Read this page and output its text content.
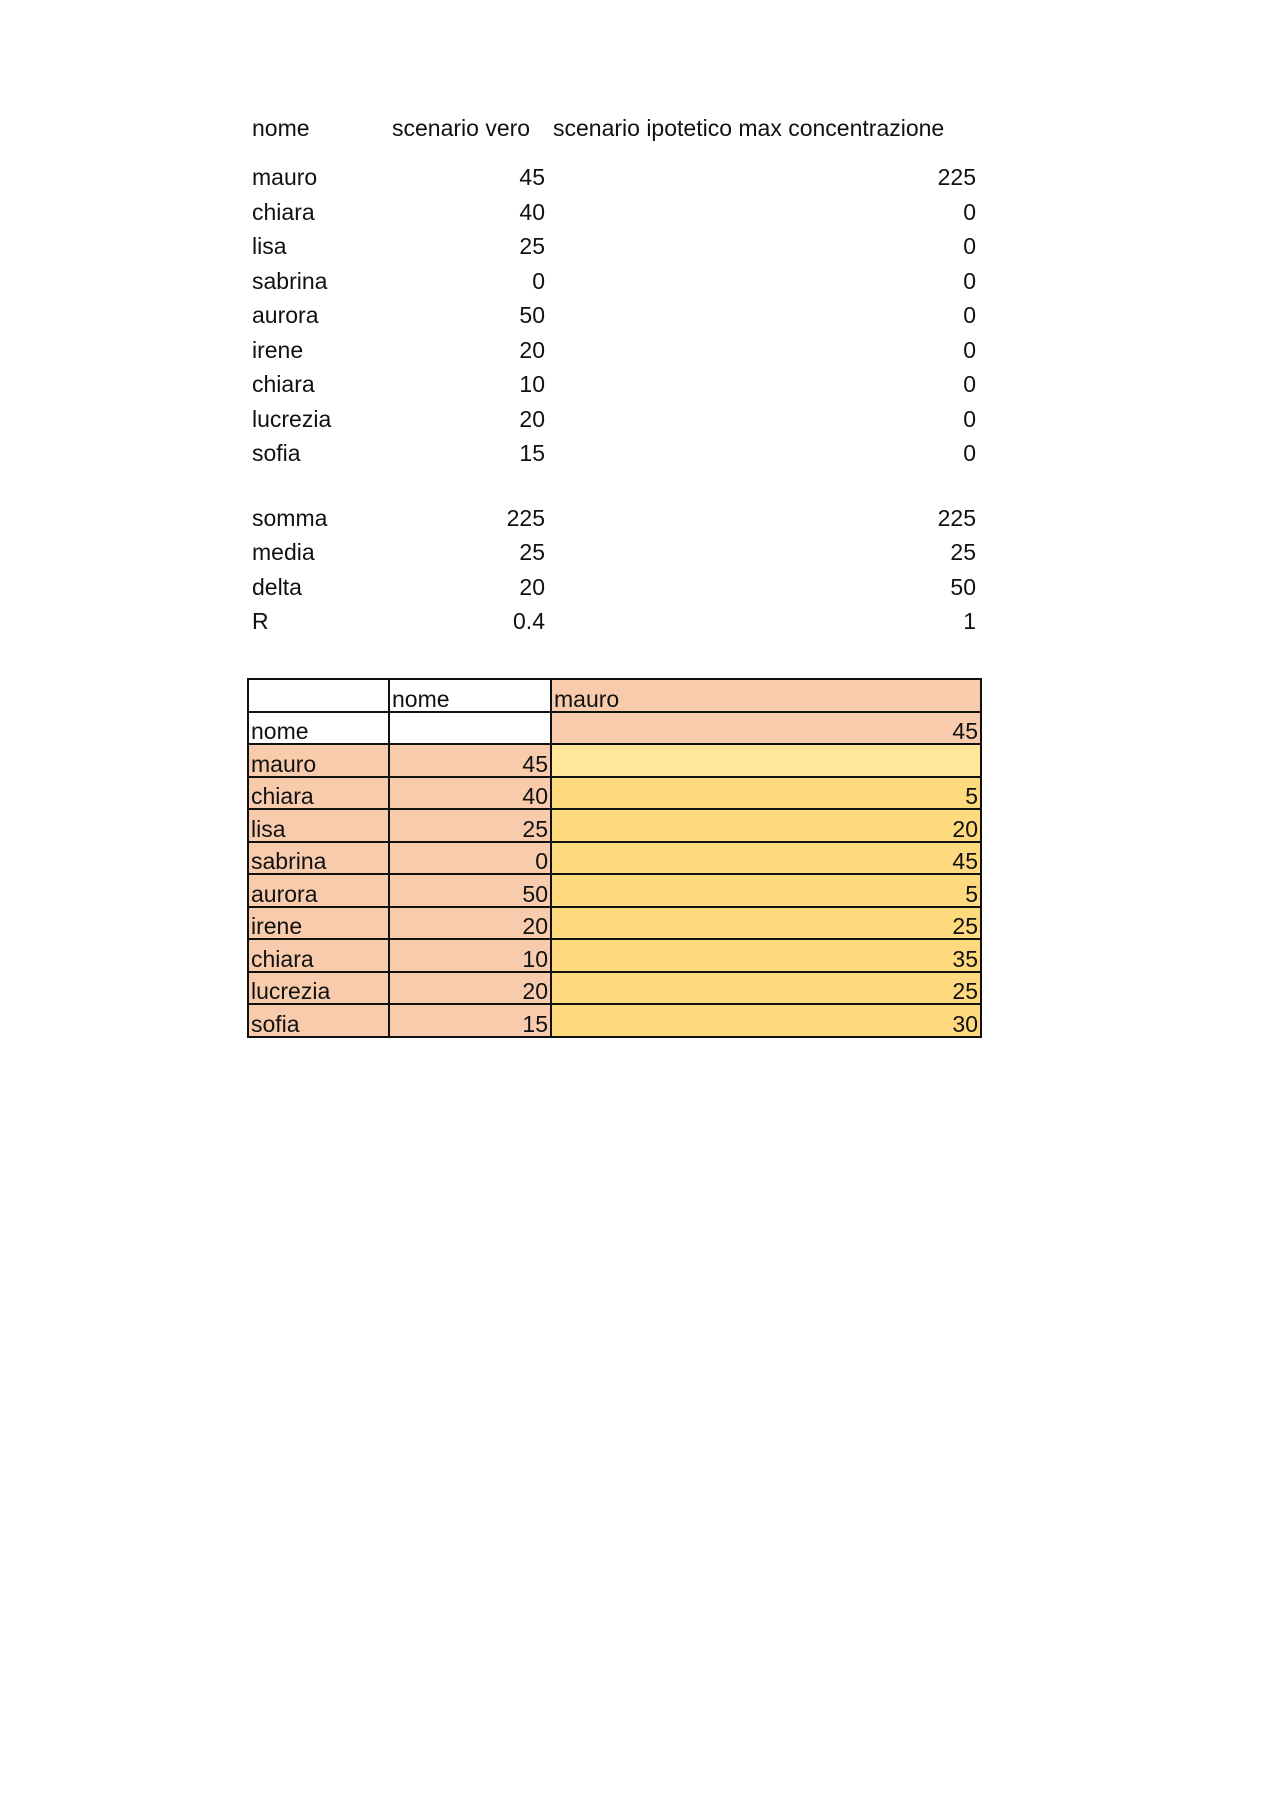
nome	scenario vero	scenario ipotetico max concentrazione
mauro	45	225
chiara	40	0
lisa	25	0
sabrina	0	0
aurora	50	0
irene	20	0
chiara	10	0
lucrezia	20	0
sofia	15	0

somma	225	225
media	25	25
delta	20	50
R	0.4	1
	nome	mauro
nome		45
mauro	45	
chiara	40	5
lisa	25	20
sabrina	0	45
aurora	50	5
irene	20	25
chiara	10	35
lucrezia	20	25
sofia	15	30
